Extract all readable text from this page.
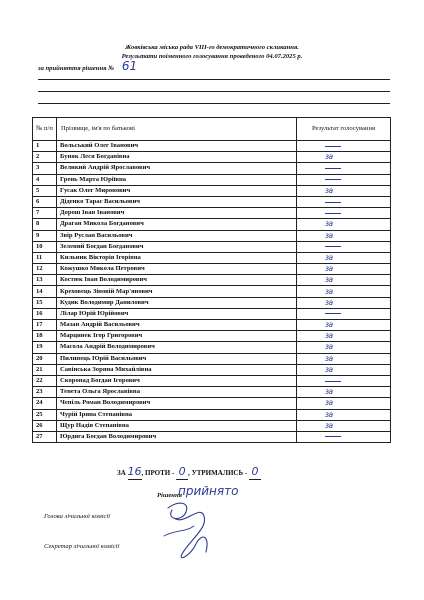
Жовківська міська рада VIII-го демократичного скликання.
Результати поіменного голосування проведеного 04.07.2025 р.
за прийняття рішення № 61
№ п/п	Прізвище, ім'я по батькові	Результат голосування
1	Вольський Олег Іванович	
2	Буняк Леся Богданівна	за
3	Великий Андрій Ярославович	
4	Грень Марта Юріївна	
5	Гусак Олег Миронович	за
6	Діденко Тарас Васильович	
7	Дорош Іван Іванович	
8	Драган Микола Богданович	за
9	Звір Руслан Васильович	за
10	Зелений Богдан Богданович	
11	Кильник Вікторія Ігорівна	за
12	Кожушко Микола Петрович	за
13	Костюк Іван Володимирович	за
14	Креховець Зіновій Мар'янович	за
15	Кудик Володимир Данилович	за
16	Лілар Юрій Юрійович	
17	Мазан Андрій Васильович	за
18	Марцинек Ігор Григорович	за
19	Масола Андрій Володимирович	за
20	Пилипець Юрій Васильович	за
21	Савінська Зоряна Михайлівна	за
22	Скоропад Богдан Ігорович	
23	Тенета Ольга Ярославівна	за
24	Чепіль Роман Володимирович	за
25	Чурій Ірина Степанівна	за
26	Щур Надія Степанівна	за
27	Юрдига Богдан Володимирович	
ЗА 16, ПРОТИ - 0 , УТРИМАЛИСЬ - 0
Рішення
прийнято
Голова лічильної комісії
Секретар лічильної комісії
